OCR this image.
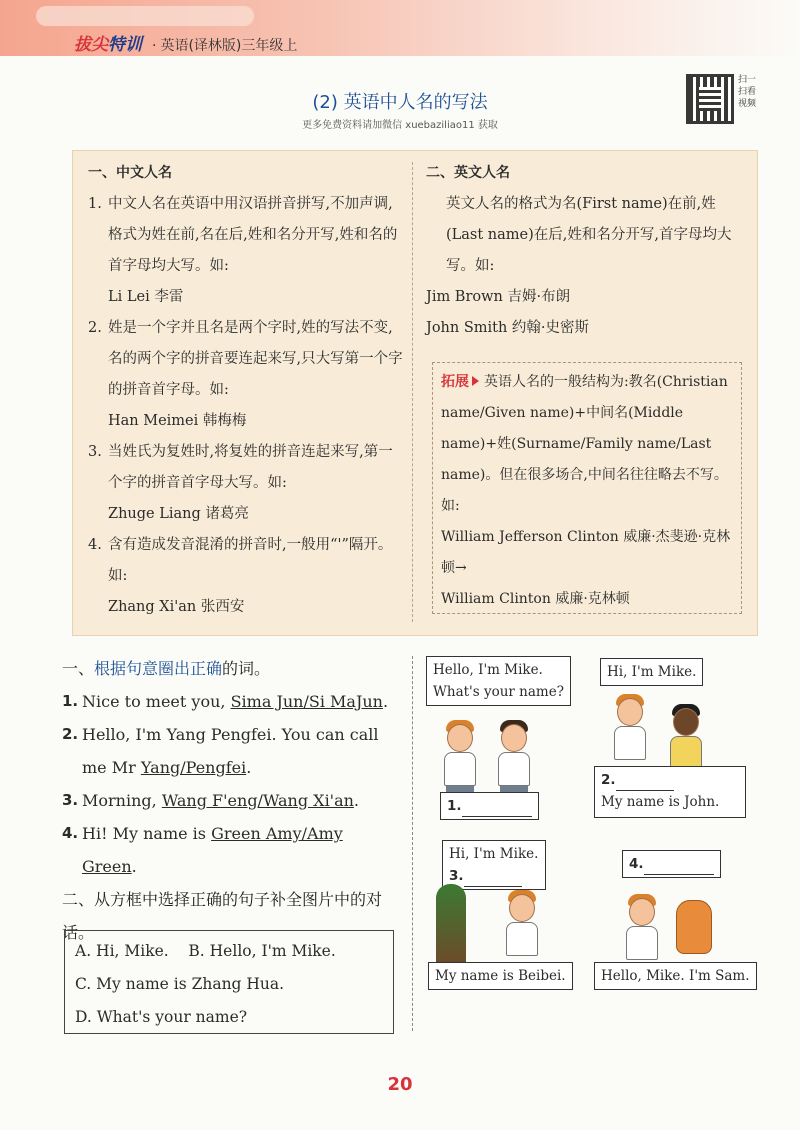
拔尖特训 · 英语(译林版)三年级上
(2) 英语中人名的写法
更多免费资料请加微信 xuebaziliao11 获取
扫一扫看视频
一、中文人名
1. 中文人名在英语中用汉语拼音拼写,不加声调,格式为姓在前,名在后,姓和名分开写,姓和名的首字母均大写。如:
Li Lei 李雷
2. 姓是一个字并且名是两个字时,姓的写法不变,名的两个字的拼音要连起来写,只大写第一个字的拼音首字母。如:
Han Meimei 韩梅梅
3. 当姓氏为复姓时,将复姓的拼音连起来写,第一个字的拼音首字母大写。如:
Zhuge Liang 诸葛亮
4. 含有造成发音混淆的拼音时,一般用“'”隔开。如:
Zhang Xi'an 张西安
二、英文人名
英文人名的格式为名(First name)在前,姓(Last name)在后,姓和名分开写,首字母均大写。如:
Jim Brown 吉姆·布朗
John Smith 约翰·史密斯
拓展 英语人名的一般结构为:教名(Christian name/Given name)+中间名(Middle name)+姓(Surname/Family name/Last name)。但在很多场合,中间名往往略去不写。如:
William Jefferson Clinton 威廉·杰斐逊·克林顿→
William Clinton 威廉·克林顿
一、根据句意圈出正确的词。
1. Nice to meet you, Sima Jun/Si MaJun.
2. Hello, I'm Yang Pengfei. You can call me Mr Yang/Pengfei.
3. Morning, Wang F'eng/Wang Xi'an.
4. Hi! My name is Green Amy/Amy Green.
二、从方框中选择正确的句子补全图片中的对话。
A. Hi, Mike. B. Hello, I'm Mike.
C. My name is Zhang Hua.
D. What's your name?
Hello, I'm Mike.
What's your name?
1.
Hi, I'm Mike.
2.
My name is John.
Hi, I'm Mike.
3.
My name is Beibei.
4.
Hello, Mike. I'm Sam.
20
